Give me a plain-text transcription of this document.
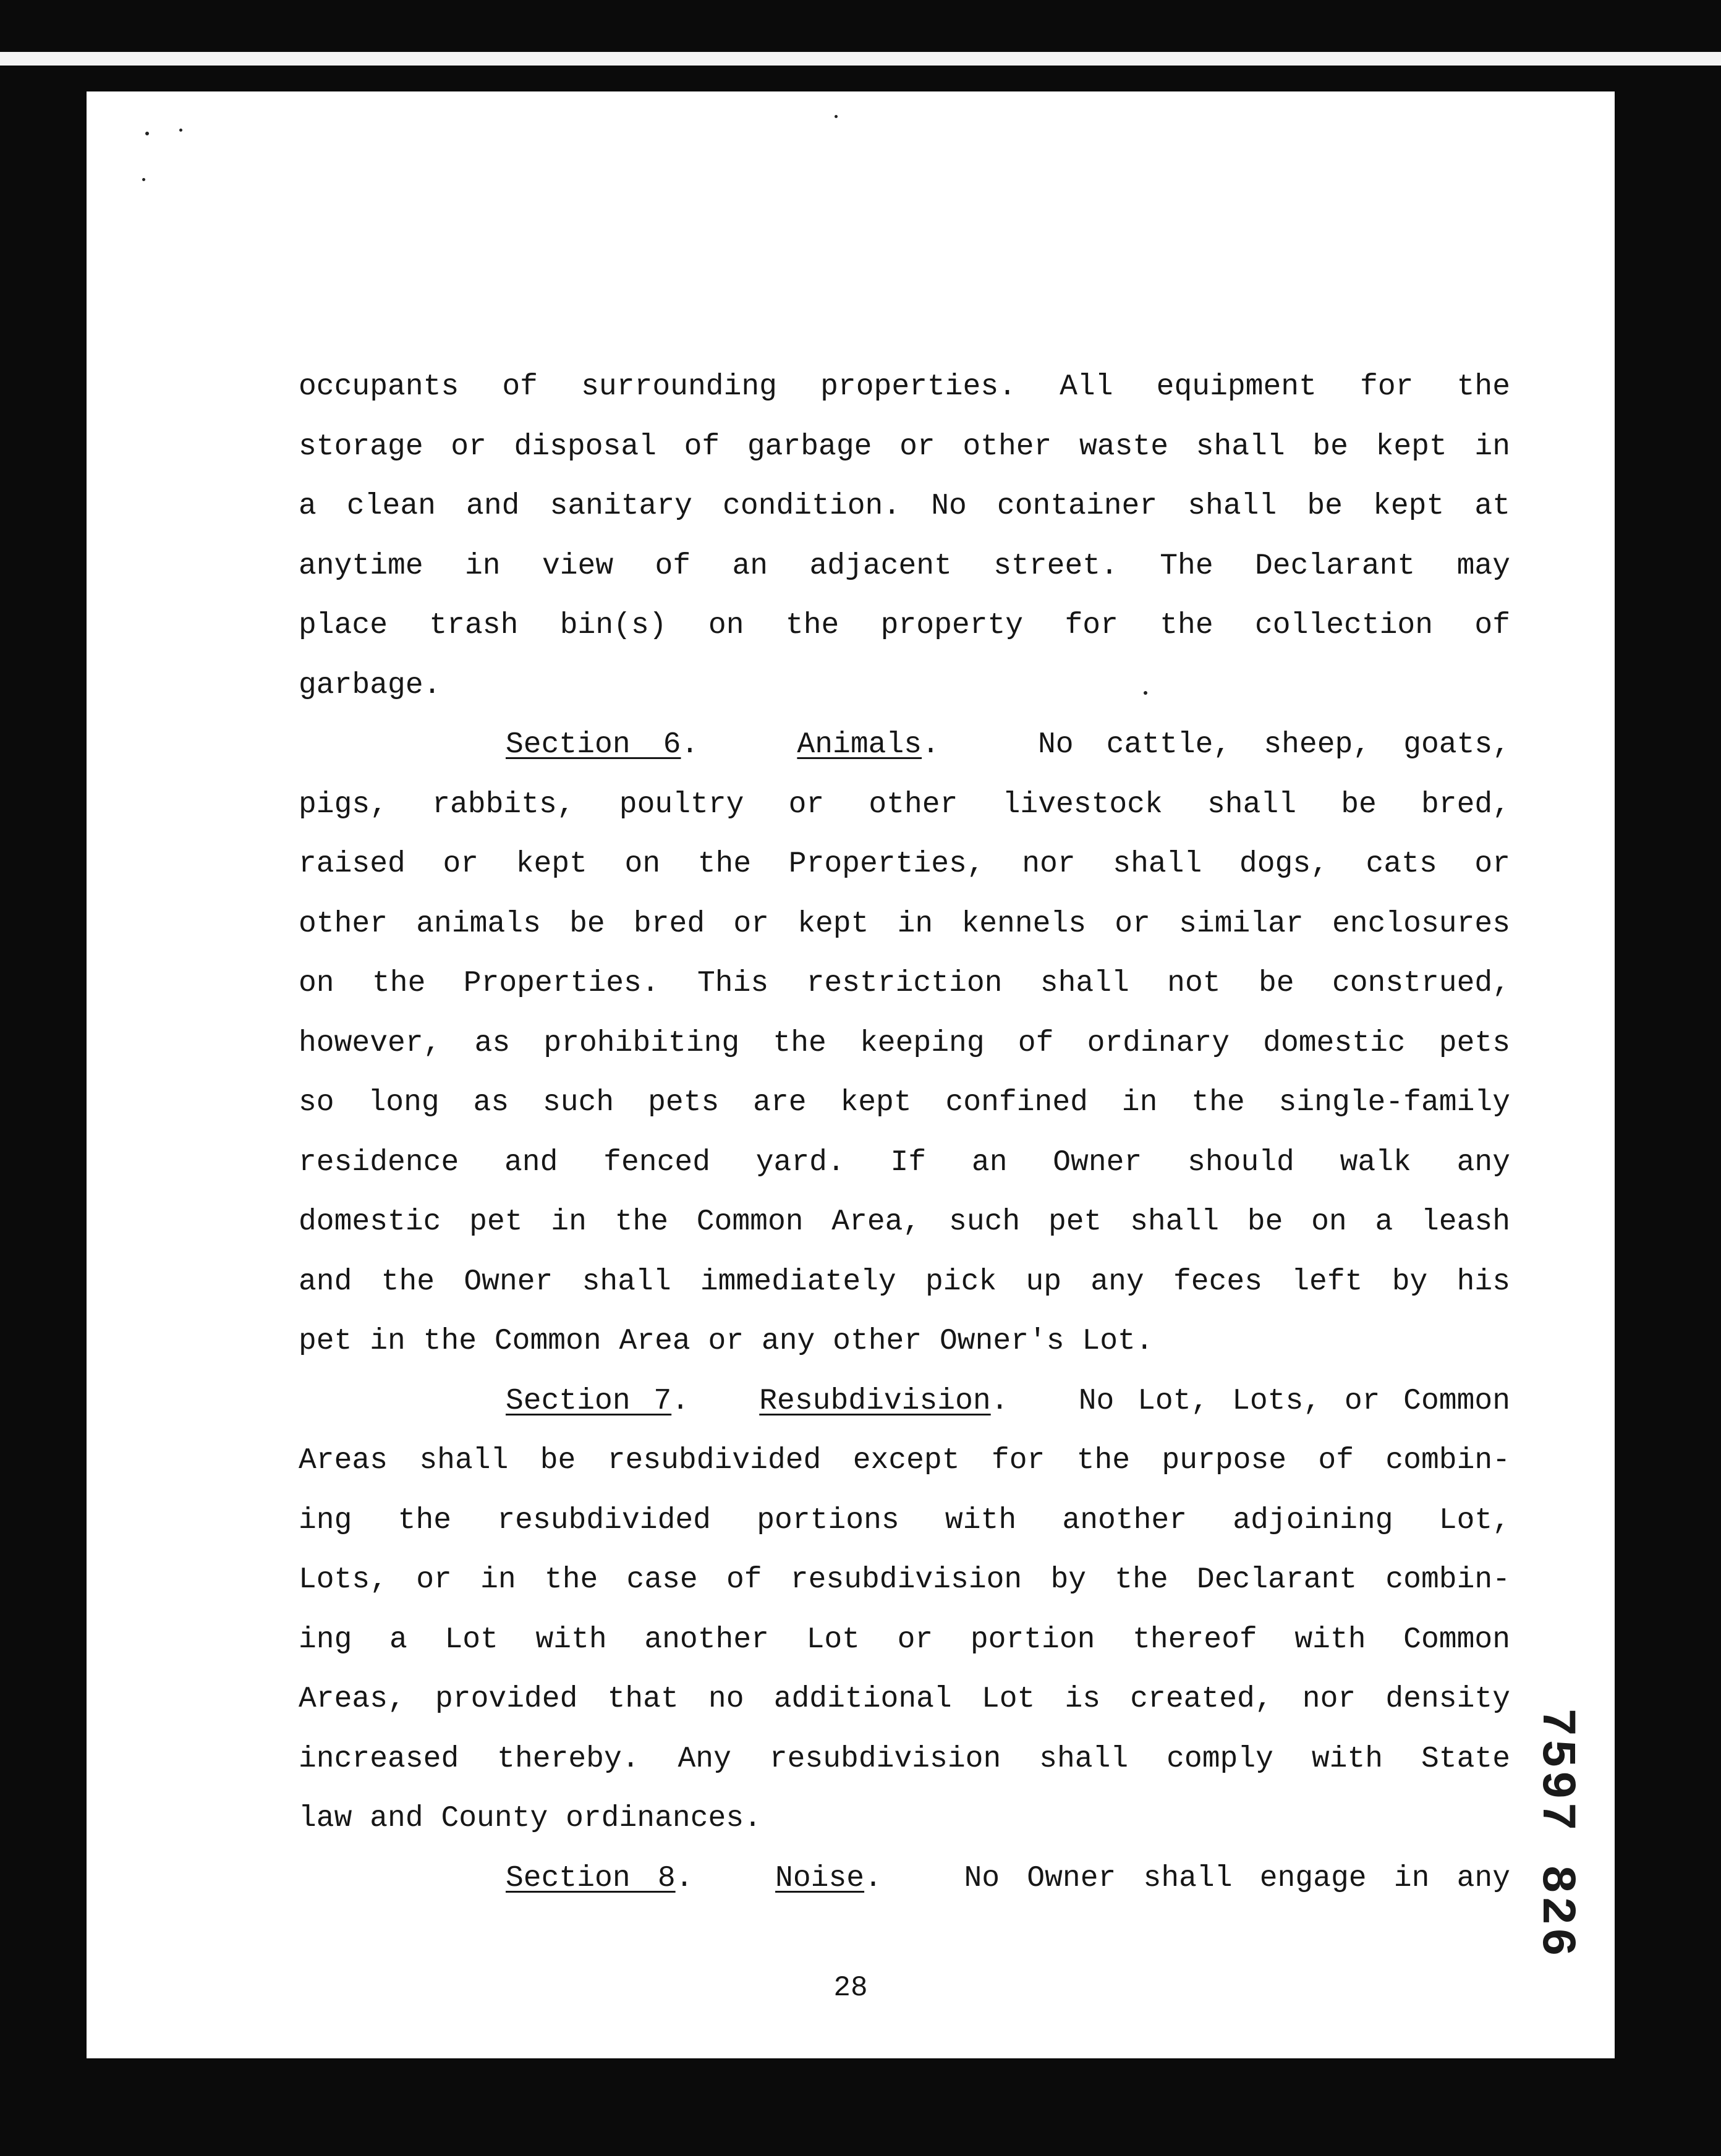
occupants of surrounding properties. All equipment for the
storage or disposal of garbage or other waste shall be kept in
a clean and sanitary condition. No container shall be kept at
anytime in view of an adjacent street. The Declarant may
place trash bin(s) on the property for the collection of
garbage.
Section 6.   Animals.   No cattle, sheep, goats,
pigs, rabbits, poultry or other livestock shall be bred,
raised or kept on the Properties, nor shall dogs, cats or
other animals be bred or kept in kennels or similar enclosures
on the Properties. This restriction shall not be construed,
however, as prohibiting the keeping of ordinary domestic pets
so long as such pets are kept confined in the single-family
residence and fenced yard. If an Owner should walk any
domestic pet in the Common Area, such pet shall be on a leash
and the Owner shall immediately pick up any feces left by his
pet in the Common Area or any other Owner's Lot.
Section 7.   Resubdivision.   No Lot, Lots, or Common
Areas shall be resubdivided except for the purpose of combin-
ing the resubdivided portions with another adjoining Lot,
Lots, or in the case of resubdivision by the Declarant combin-
ing a Lot with another Lot or portion thereof with Common
Areas, provided that no additional Lot is created, nor density
increased thereby. Any resubdivision shall comply with State
law and County ordinances.
Section 8.   Noise.   No Owner shall engage in any 7597 826
28
